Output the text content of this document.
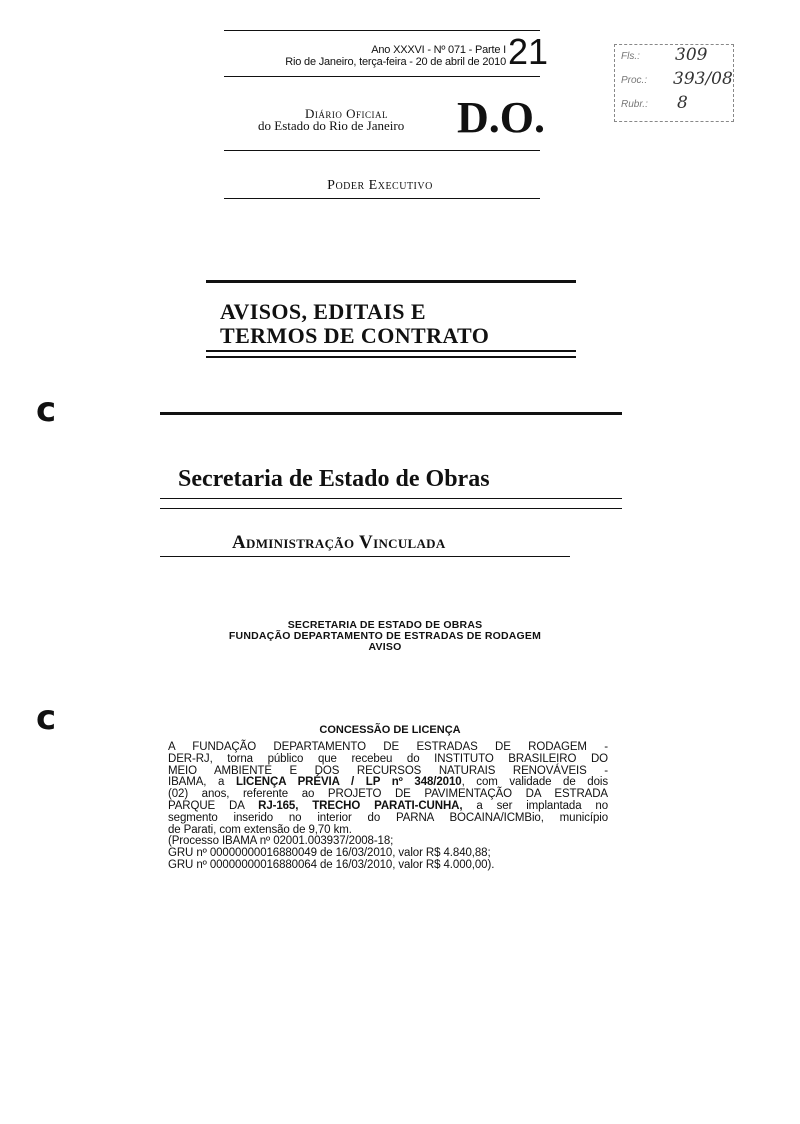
Ano XXXVI - Nº 071 - Parte I
Rio de Janeiro, terça-feira - 20 de abril de 2010 21
Diário Oficial
do Estado do Rio de Janeiro D.O.
Poder Executivo
AVISOS, EDITAIS E
TERMOS DE CONTRATO
c
Secretaria de Estado de Obras
Administração Vinculada
SECRETARIA DE ESTADO DE OBRAS
FUNDAÇÃO DEPARTAMENTO DE ESTRADAS DE RODAGEM
AVISO
c	CONCESSÃO DE LICENÇA

A FUNDAÇÃO DEPARTAMENTO DE ESTRADAS DE RODAGEM -

DER-RJ, torna público que recebeu do INSTITUTO BRASILEIRO DO

MEIO AMBIENTE E DOS RECURSOS NATURAIS RENOVÁVEIS -

IBAMA, a LICENÇA PRÉVIA / LP nº 348/2010, com validade de dois

(02) anos, referente ao PROJETO DE PAVIMENTAÇÃO DA ESTRADA

PARQUE DA RJ-165, TRECHO PARATI-CUNHA, a ser implantada no

segmento inserido no interior do PARNA BOCAINA/ICMBio, município

de Parati, com extensão de 9,70 km.

(Processo IBAMA nº 02001.003937/2008-18;

GRU nº 00000000016880049 de 16/03/2010, valor R$ 4.840,88;

GRU nº 00000000016880064 de 16/03/2010, valor R$ 4.000,00).

Fls.: 309
Proc.: 393/08
Rubr.: 8
